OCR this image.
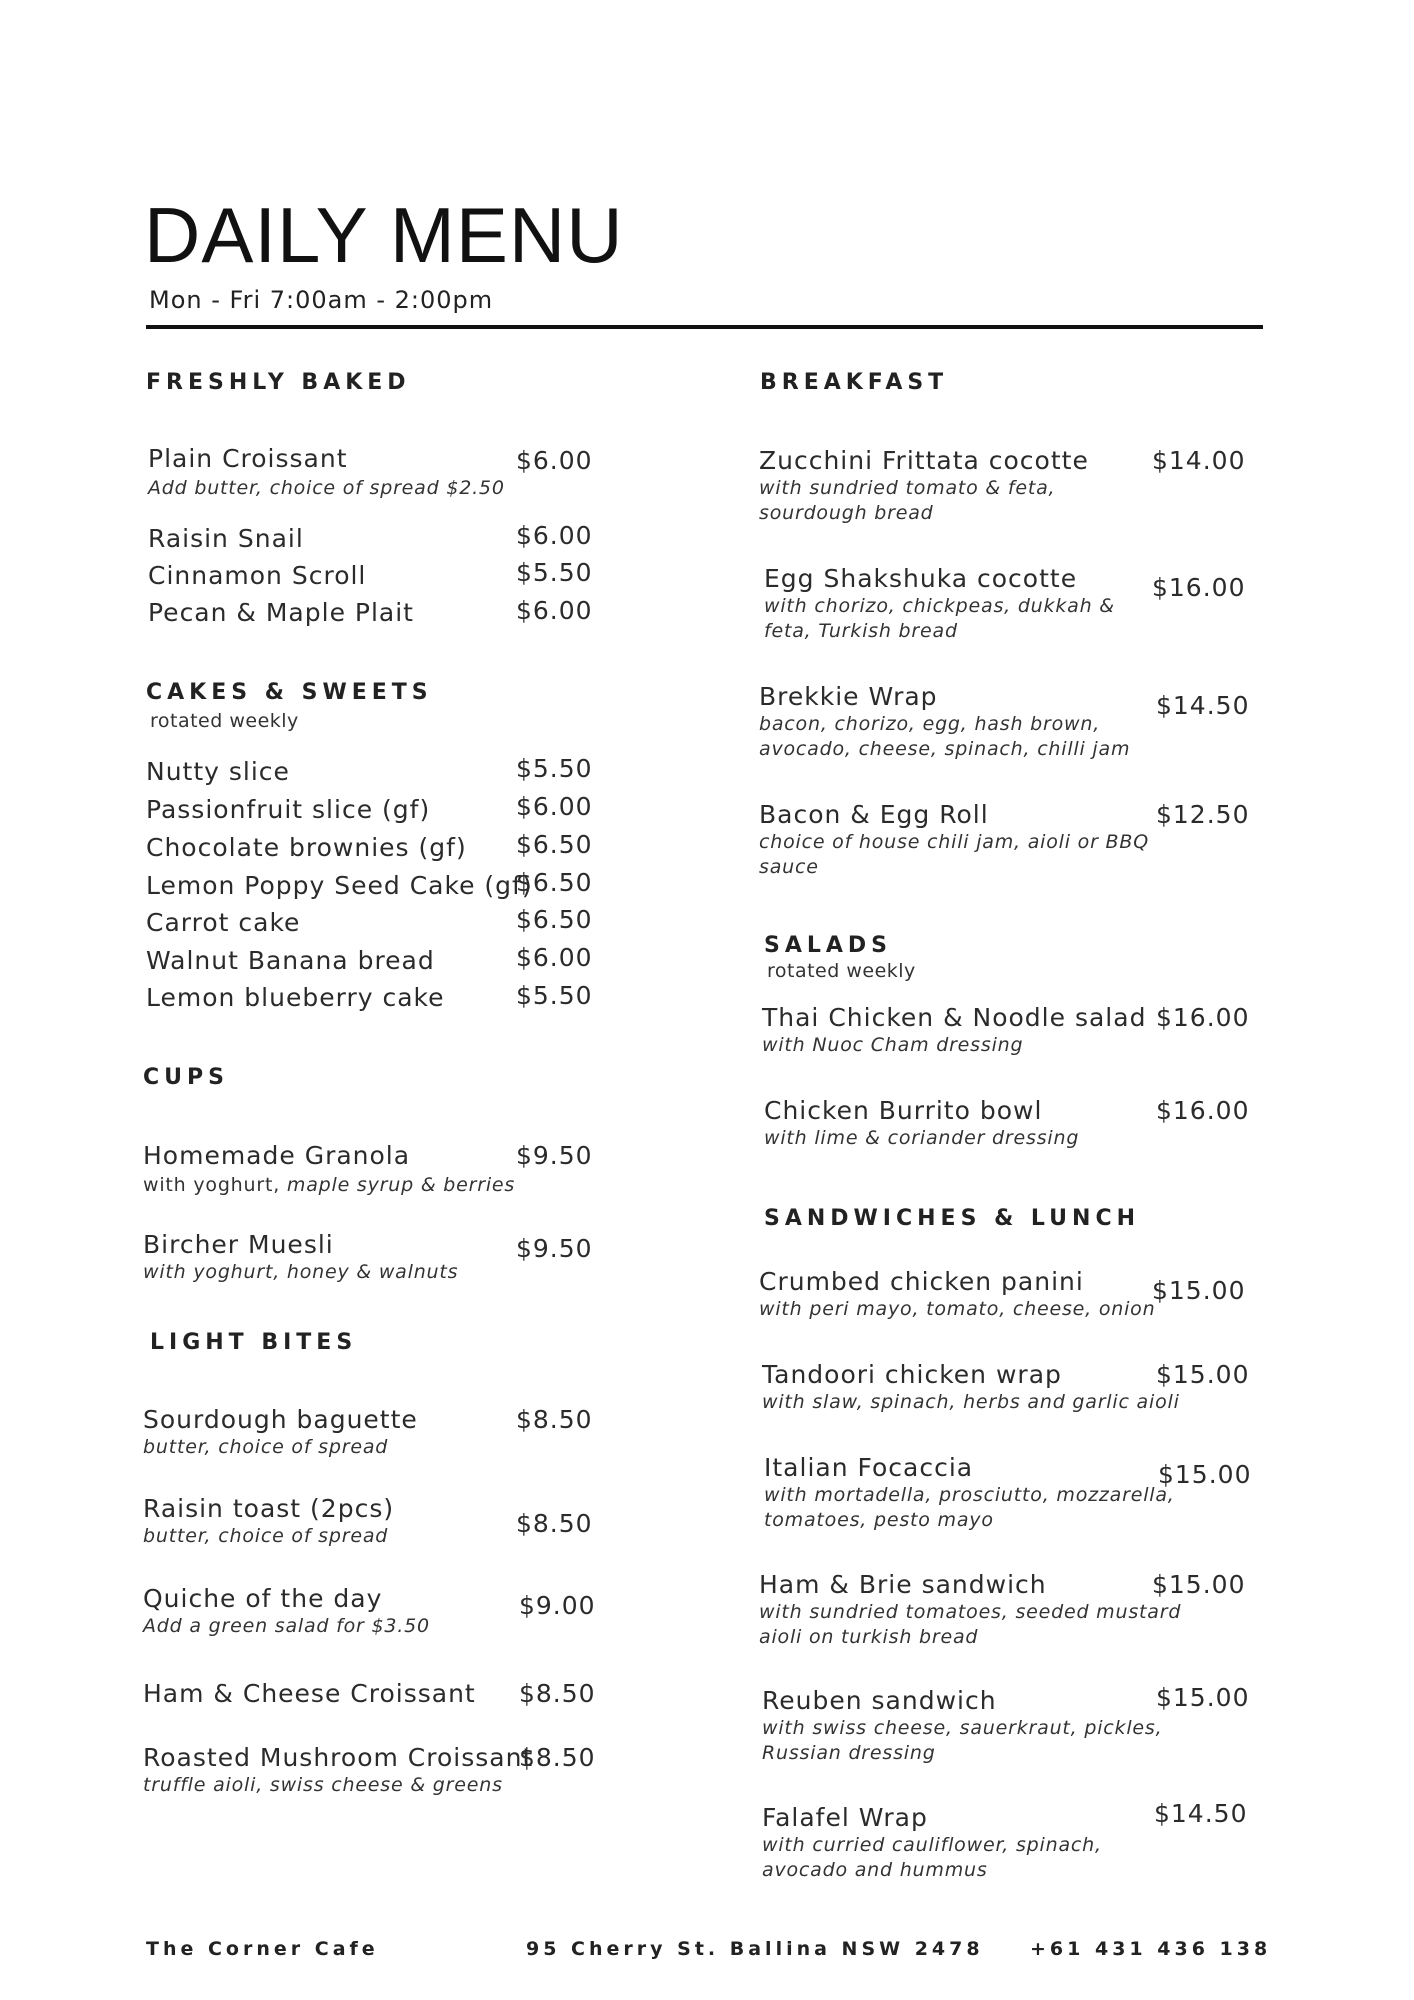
DAILY MENU
Mon - Fri 7:00am - 2:00pm
FRESHLY BAKED
Plain Croissant
Add butter, choice of spread $2.50
$6.00
Raisin Snail	$6.00
Cinnamon Scroll	$5.50
Pecan & Maple Plait	$6.00
CAKES & SWEETS
rotated weekly
Nutty slice	$5.50
Passionfruit slice (gf)	$6.00
Chocolate brownies (gf) $6.50
Lemon Poppy Seed Cake (gf)
$6.50
Carrot cake	$6.50
Walnut Banana bread	$6.00
Lemon blueberry cake	$5.50
CUPS
Homemade Granola
with yoghurt, maple syrup & berries
$9.50
Bircher Muesli
with yoghurt, honey & walnuts
$9.50
LIGHT BITES
Sourdough baguette
butter, choice of spread
$8.50
Raisin toast (2pcs)
butter, choice of spread	$8.50
Quiche of the day
Add a green salad for $3.50
$9.00
Ham & Cheese Croissant $8.50
Roasted Mushroom Croissant
truffle aioli, swiss cheese & greens
$8.50
BREAKFAST
Zucchini Frittata cocotte
with sundried tomato & feta,
sourdough bread
$14.00
Egg Shakshuka cocotte
with chorizo, chickpeas, dukkah &
feta, Turkish bread
$16.00
Brekkie Wrap
bacon, chorizo, egg, hash brown,
avocado, cheese, spinach, chilli jam
$14.50
Bacon & Egg Roll
choice of house chili jam, aioli or BBQ
sauce
$12.50
SALADS
rotated weekly
Thai Chicken & Noodle salad
with Nuoc Cham dressing
$16.00
Chicken Burrito bowl
with lime & coriander dressing
$16.00
SANDWICHES & LUNCH
Crumbed chicken panini
with peri mayo, tomato, cheese, onion
$15.00
Tandoori chicken wrap
with slaw, spinach, herbs and garlic aioli
$15.00
Italian Focaccia
with mortadella, prosciutto, mozzarella,
tomatoes, pesto mayo
$15.00
Ham & Brie sandwich
with sundried tomatoes, seeded mustard
aioli on turkish bread
$15.00
Reuben sandwich
with swiss cheese, sauerkraut, pickles,
Russian dressing
$15.00
Falafel Wrap
with curried cauliflower, spinach,
avocado and hummus
$14.50
The Corner Cafe	95 Cherry St. Ballina NSW 2478 +61 431 436 138
